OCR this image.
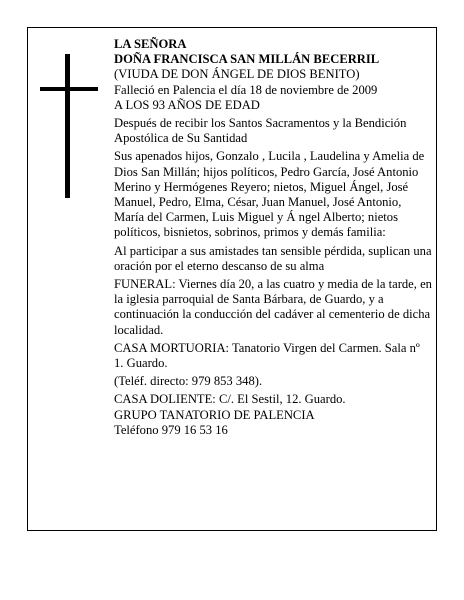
LA SEÑORA

DOÑA FRANCISCA SAN MILLÁN BECERRIL

(VIUDA DE DON ÁNGEL DE DIOS BENITO)

Falleció en Palencia el día 18 de noviembre de 2009

A LOS 93 AÑOS DE EDAD

Después de recibir los Santos Sacramentos y la Bendición Apostólica de Su Santidad

Sus apenados hijos, Gonzalo , Lucila , Laudelina y Amelia de Dios San Millán; hijos políticos, Pedro García, José Antonio Merino y Hermógenes Reyero; nietos, Miguel Ángel, José Manuel, Pedro, Elma, César, Juan Manuel, José Antonio, María del Carmen, Luis Miguel y Á ngel Alberto; nietos políticos, bisnietos, sobrinos, primos y demás familia:

Al participar a sus amistades tan sensible pérdida, suplican una oración por el eterno descanso de su alma

FUNERAL: Viernes día 20, a las cuatro y media de la tarde, en la iglesia parroquial de Santa Bárbara, de Guardo, y a continuación la conducción del cadáver al cementerio de dicha localidad.

CASA MORTUORIA: Tanatorio Virgen del Carmen. Sala nº 1. Guardo.

(Teléf. directo: 979 853 348).

CASA DOLIENTE: C/. El Sestil, 12. Guardo.

GRUPO TANATORIO DE PALENCIA

Teléfono 979 16 53 16
